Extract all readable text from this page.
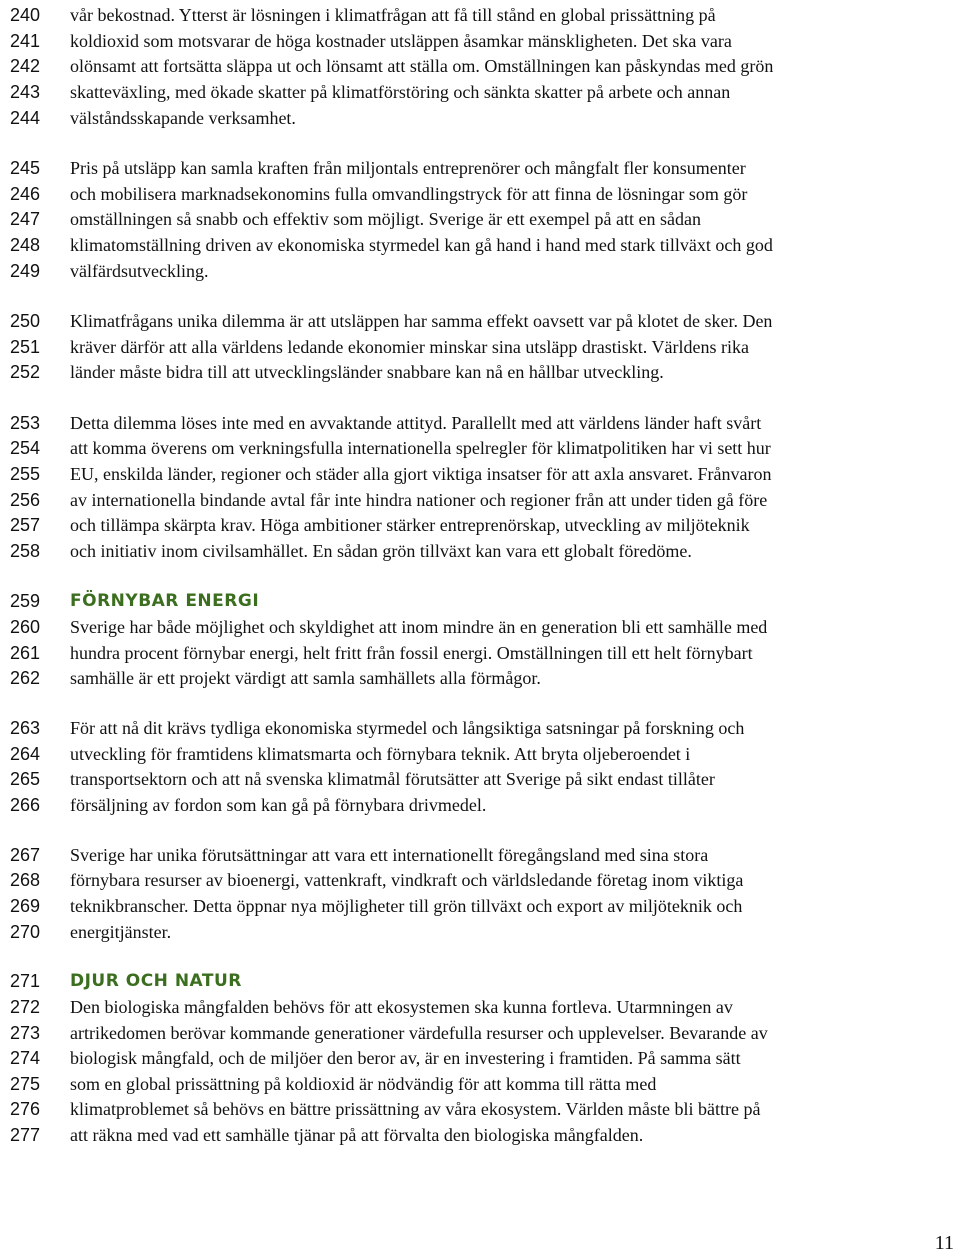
240 vår bekostnad. Ytterst är lösningen i klimatfrågan att få till stånd en global prissättning på
241 koldioxid som motsvarar de höga kostnader utsläppen åsamkar mänskligheten. Det ska vara
242 olönsamt att fortsätta släppa ut och lönsamt att ställa om. Omställningen kan påskyndas med grön
243 skatteväxling, med ökade skatter på klimatförstöring och sänkta skatter på arbete och annan
244 välståndsskapande verksamhet.
245 Pris på utsläpp kan samla kraften från miljontals entreprenörer och mångfalt fler konsumenter
246 och mobilisera marknadsekonomins fulla omvandlingstryck för att finna de lösningar som gör
247 omställningen så snabb och effektiv som möjligt. Sverige är ett exempel på att en sådan
248 klimatomställning driven av ekonomiska styrmedel kan gå hand i hand med stark tillväxt och god
249 välfärdsutveckling.
250 Klimatfrågans unika dilemma är att utsläppen har samma effekt oavsett var på klotet de sker. Den
251 kräver därför att alla världens ledande ekonomier minskar sina utsläpp drastiskt. Världens rika
252 länder måste bidra till att utvecklingsländer snabbare kan nå en hållbar utveckling.
253 Detta dilemma löses inte med en avvaktande attityd. Parallellt med att världens länder haft svårt
254 att komma överens om verkningsfulla internationella spelregler för klimatpolitiken har vi sett hur
255 EU, enskilda länder, regioner och städer alla gjort viktiga insatser för att axla ansvaret. Frånvaron
256 av internationella bindande avtal får inte hindra nationer och regioner från att under tiden gå före
257 och tillämpa skärpta krav. Höga ambitioner stärker entreprenörskap, utveckling av miljöteknik
258 och initiativ inom civilsamhället. En sådan grön tillväxt kan vara ett globalt föredöme.
259 FÖRNYBAR ENERGI
260 Sverige har både möjlighet och skyldighet att inom mindre än en generation bli ett samhälle med
261 hundra procent förnybar energi, helt fritt från fossil energi. Omställningen till ett helt förnybart
262 samhälle är ett projekt värdigt att samla samhällets alla förmågor.
263 För att nå dit krävs tydliga ekonomiska styrmedel och långsiktiga satsningar på forskning och
264 utveckling för framtidens klimatsmarta och förnybara teknik. Att bryta oljeberoendet i
265 transportsektorn och att nå svenska klimatmål förutsätter att Sverige på sikt endast tillåter
266 försäljning av fordon som kan gå på förnybara drivmedel.
267 Sverige har unika förutsättningar att vara ett internationellt föregångsland med sina stora
268 förnybara resurser av bioenergi, vattenkraft, vindkraft och världsledande företag inom viktiga
269 teknikbranscher. Detta öppnar nya möjligheter till grön tillväxt och export av miljöteknik och
270 energitjänster.
271 DJUR OCH NATUR
272 Den biologiska mångfalden behövs för att ekosystemen ska kunna fortleva. Utarmningen av
273 artrikedomen berövar kommande generationer värdefulla resurser och upplevelser. Bevarande av
274 biologisk mångfald, och de miljöer den beror av, är en investering i framtiden. På samma sätt
275 som en global prissättning på koldioxid är nödvändig för att komma till rätta med
276 klimatproblemet så behövs en bättre prissättning av våra ekosystem. Världen måste bli bättre på
277 att räkna med vad ett samhälle tjänar på att förvalta den biologiska mångfalden.
11
